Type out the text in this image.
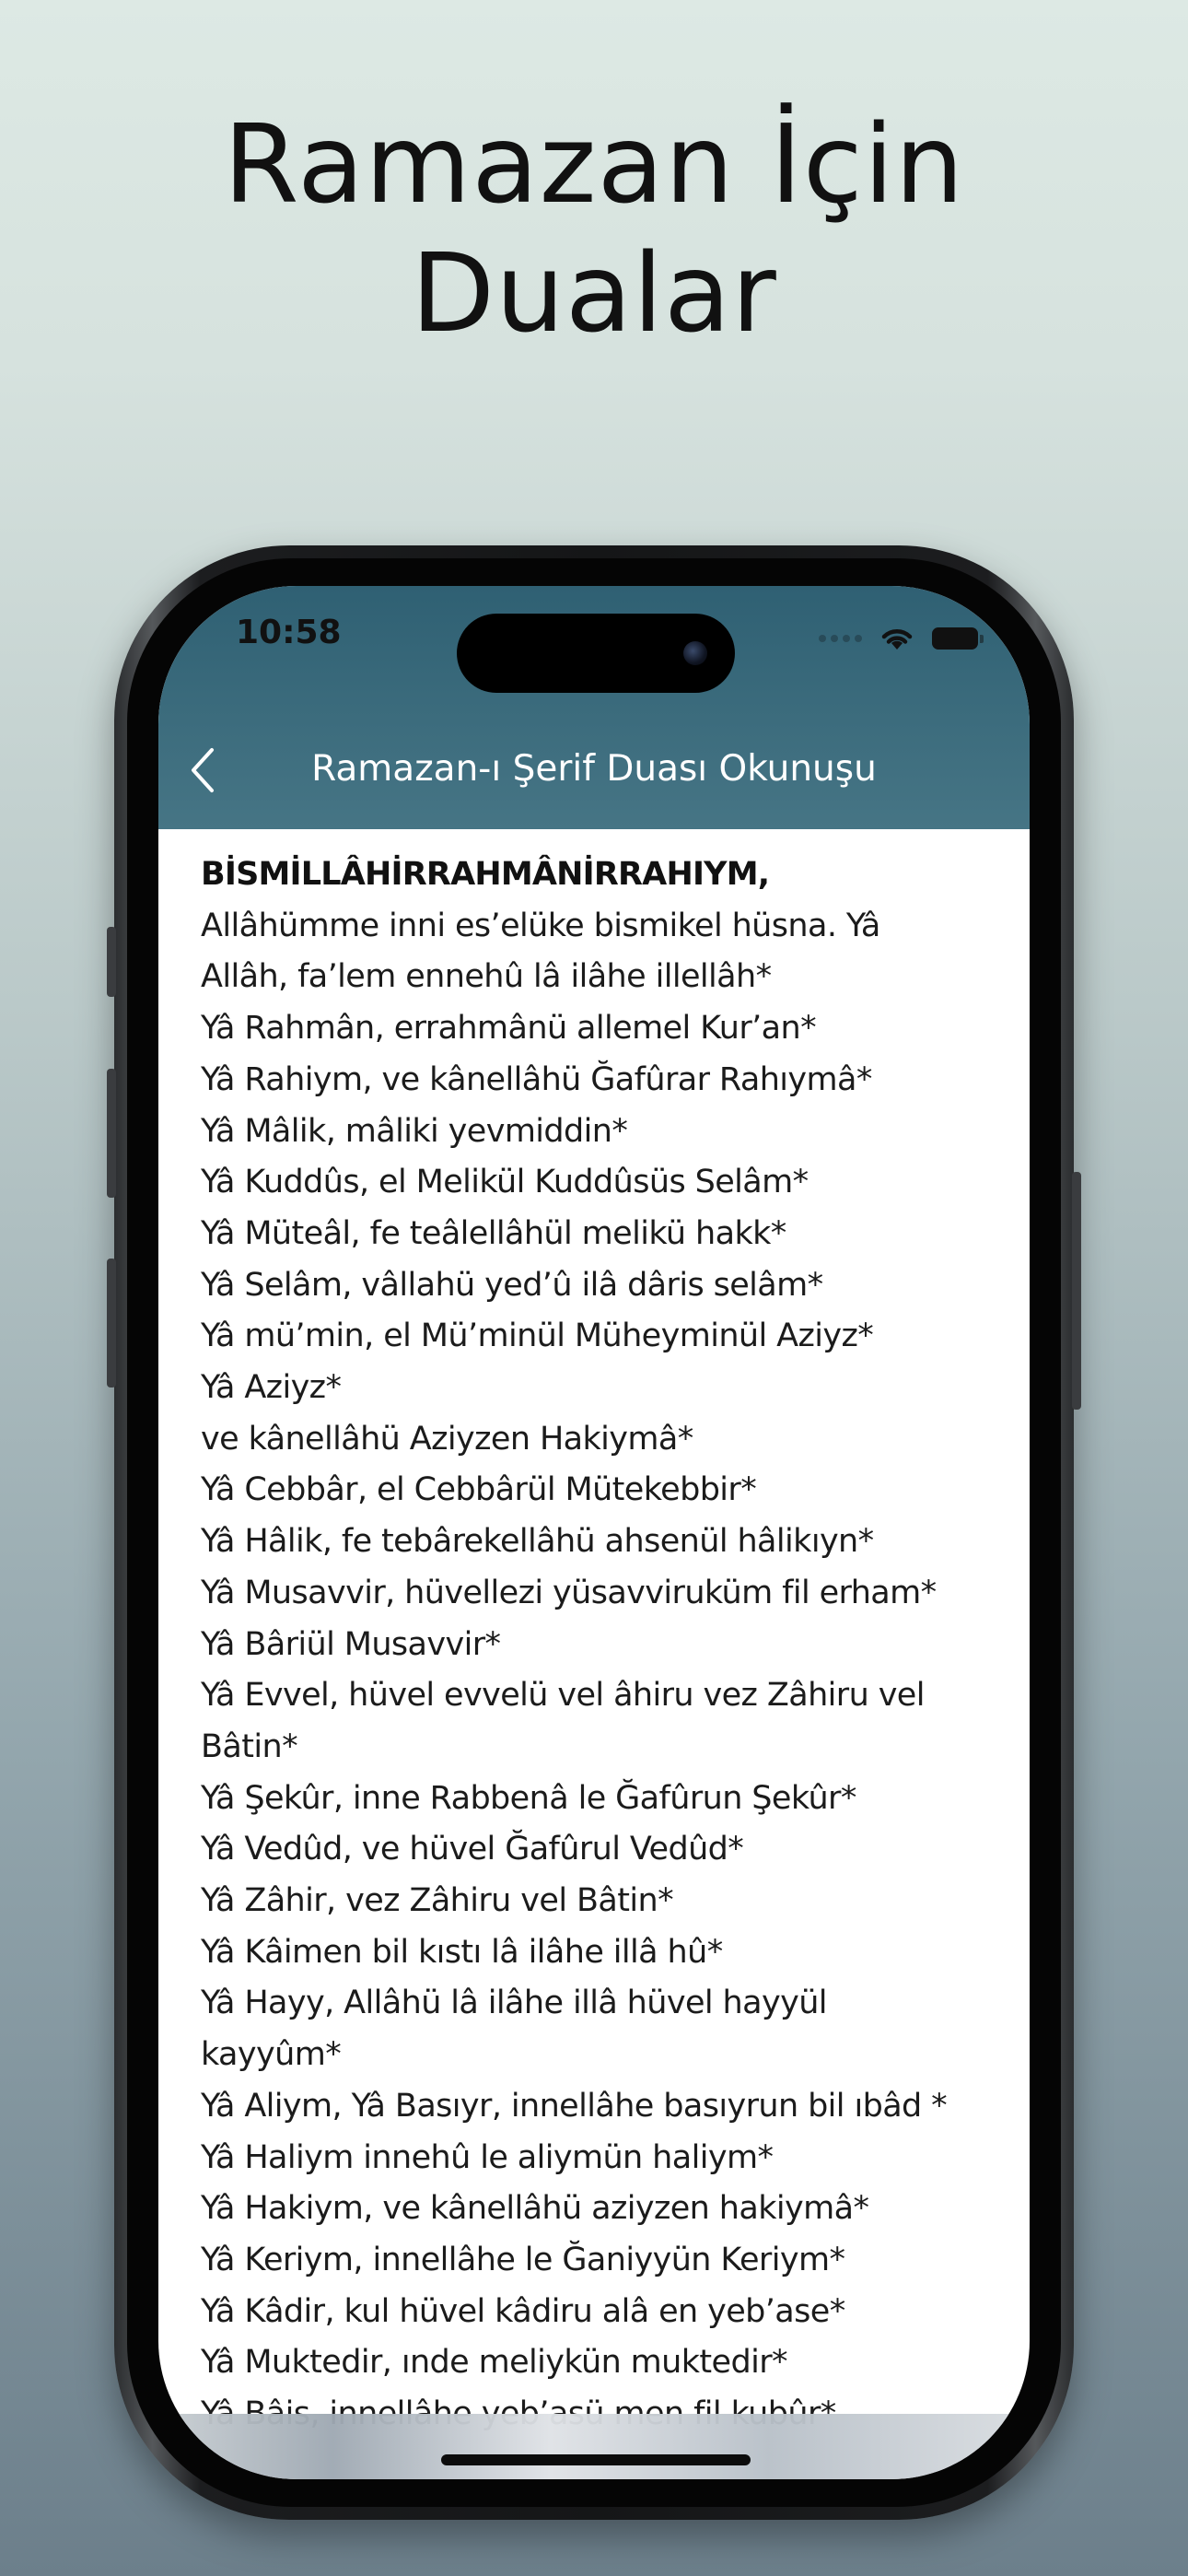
Ramazan İçin
Dualar
10:58
Ramazan-ı Şerif Duası Okunuşu
BİSMİLLÂHİRRAHMÂNİRRAHIYM,
Allâhümme inni es’elüke bismikel hüsna. Yâ
Allâh, fa’lem ennehû lâ ilâhe illellâh*
Yâ Rahmân, errahmânü allemel Kur’an*
Yâ Rahiym, ve kânellâhü Ğafûrar Rahıymâ*
Yâ Mâlik, mâliki yevmiddin*
Yâ Kuddûs, el Melikül Kuddûsüs Selâm*
Yâ Müteâl, fe teâlellâhül melikü hakk*
Yâ Selâm, vâllahü yed’û ilâ dâris selâm*
Yâ mü’min, el Mü’minül Müheyminül Aziyz*
Yâ Aziyz*
ve kânellâhü Aziyzen Hakiymâ*
Yâ Cebbâr, el Cebbârül Mütekebbir*
Yâ Hâlik, fe tebârekellâhü ahsenül hâlikıyn*
Yâ Musavvir, hüvellezi yüsavviruküm fil erham*
Yâ Bâriül Musavvir*
Yâ Evvel, hüvel evvelü vel âhiru vez Zâhiru vel
Bâtin*
Yâ Şekûr, inne Rabbenâ le Ğafûrun Şekûr*
Yâ Vedûd, ve hüvel Ğafûrul Vedûd*
Yâ Zâhir, vez Zâhiru vel Bâtin*
Yâ Kâimen bil kıstı lâ ilâhe illâ hû*
Yâ Hayy, Allâhü lâ ilâhe illâ hüvel hayyül
kayyûm*
Yâ Aliym, Yâ Basıyr, innellâhe basıyrun bil ıbâd *
Yâ Haliym innehû le aliymün haliym*
Yâ Hakiym, ve kânellâhü aziyzen hakiymâ*
Yâ Keriym, innellâhe le Ğaniyyün Keriym*
Yâ Kâdir, kul hüvel kâdiru alâ en yeb’ase*
Yâ Muktedir, ınde meliykün muktedir*
